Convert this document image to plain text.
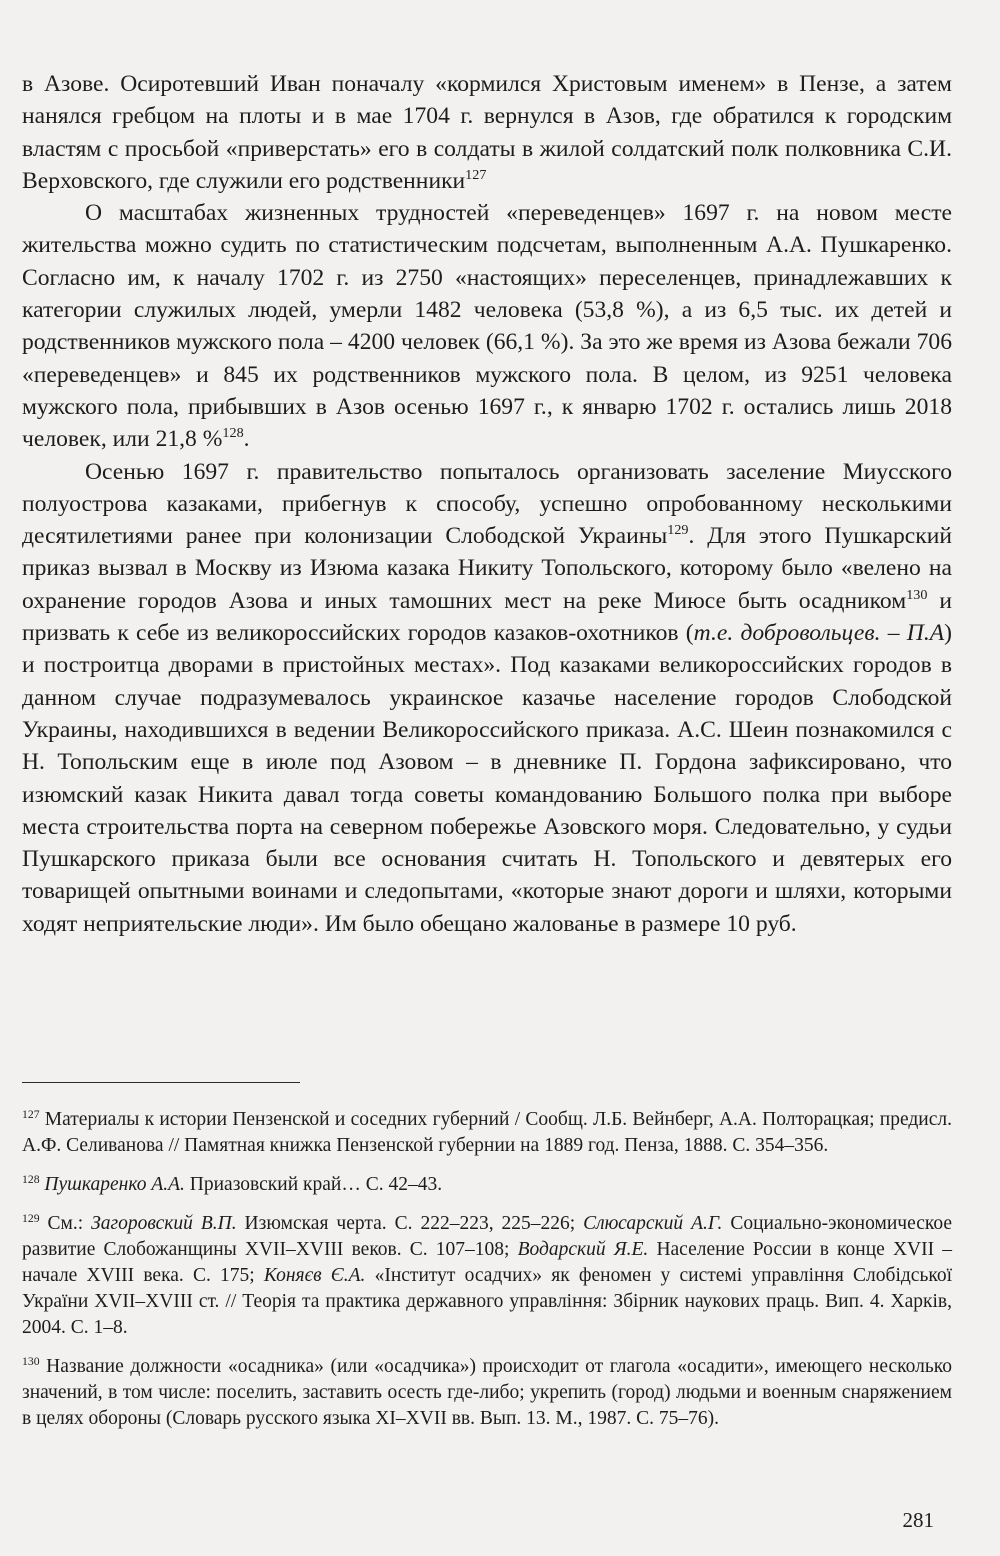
в Азове. Осиротевший Иван поначалу «кормился Христовым именем» в Пензе, а затем нанялся гребцом на плоты и в мае 1704 г. вернулся в Азов, где обратился к городским властям с просьбой «приверстать» его в солдаты в жилой солдатский полк полковника С.И. Верховского, где служили его родственники$^{127}$

О масштабах жизненных трудностей «переведенцев» 1697 г. на новом месте жительства можно судить по статистическим подсчетам, выполненным А.А. Пушкаренко. Согласно им, к началу 1702 г. из 2750 «настоящих» переселенцев, принадлежавших к категории служилых людей, умерли 1482 человека (53,8 %), а из 6,5 тыс. их детей и родственников мужского пола – 4200 человек (66,1 %). За это же время из Азова бежали 706 «переведенцев» и 845 их родственников мужского пола. В целом, из 9251 человека мужского пола, прибывших в Азов осенью 1697 г., к январю 1702 г. остались лишь 2018 человек, или 21,8 %$^{128}$.

Осенью 1697 г. правительство попыталось организовать заселение Миусского полуострова казаками, прибегнув к способу, успешно опробованному несколькими десятилетиями ранее при колонизации Слободской Украины$^{129}$. Для этого Пушкарский приказ вызвал в Москву из Изюма казака Никиту Топольского, которому было «велено на охранение городов Азова и иных тамошних мест на реке Миюсе быть осадником$^{130}$ и призвать к себе из великороссийских городов казаков-охотников (т.е. добровольцев. – П.А) и построитца дворами в пристойных местах». Под казаками великороссийских городов в данном случае подразумевалось украинское казачье население городов Слободской Украины, находившихся в ведении Великороссийского приказа. А.С. Шеин познакомился с Н. Топольским еще в июле под Азовом – в дневнике П. Гордона зафиксировано, что изюмский казак Никита давал тогда советы командованию Большого полка при выборе места строительства порта на северном побережье Азовского моря. Следовательно, у судьи Пушкарского приказа были все основания считать Н. Топольского и девятерых его товарищей опытными воинами и следопытами, «которые знают дороги и шляхи, которыми ходят неприятельские люди». Им было обещано жалованье в размере 10 руб.

$^{127}$ Материалы к истории Пензенской и соседних губерний / Сообщ. Л.Б. Вейнберг, А.А. Полторацкая; предисл. А.Ф. Селиванова // Памятная книжка Пензенской губернии на 1889 год. Пенза, 1888. С. 354–356.

$^{128}$ Пушкаренко А.А. Приазовский край… С. 42–43.

$^{129}$ См.: Загоровский В.П. Изюмская черта. С. 222–223, 225–226; Слюсарский А.Г. Социально-экономическое развитие Слобожанщины XVII–XVIII веков. С. 107–108; Водарский Я.Е. Население России в конце XVII – начале XVIII века. С. 175; Коняєв Є.А. «Інститут осадчих» як феномен у системі управління Слобідської України XVII–XVIII ст. // Теорія та практика державного управління: Збірник наукових праць. Вип. 4. Харків, 2004. С. 1–8.

$^{130}$ Название должности «осадника» (или «осадчика») происходит от глагола «осадити», имеющего несколько значений, в том числе: поселить, заставить осесть где-либо; укрепить (город) людьми и военным снаряжением в целях обороны (Словарь русского языка XI–XVII вв. Вып. 13. М., 1987. С. 75–76).

281
